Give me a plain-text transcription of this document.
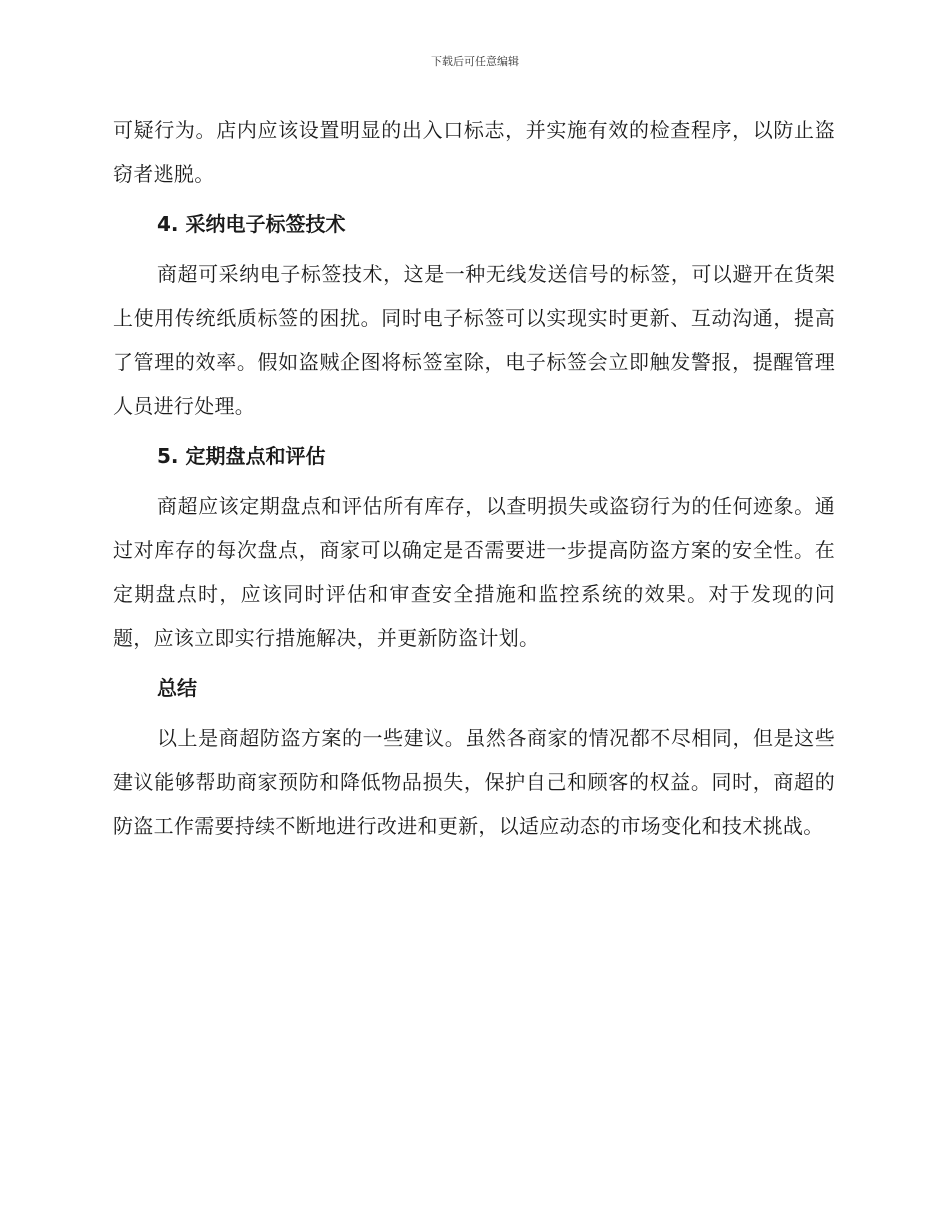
下载后可任意编辑

可疑行为。店内应该设置明显的出入口标志，并实施有效的检查程序，以防止盗窃者逃脱。

4. 采纳电子标签技术

商超可采纳电子标签技术，这是一种无线发送信号的标签，可以避开在货架上使用传统纸质标签的困扰。同时电子标签可以实现实时更新、互动沟通，提高了管理的效率。假如盗贼企图将标签室除，电子标签会立即触发警报，提醒管理人员进行处理。

5. 定期盘点和评估

商超应该定期盘点和评估所有库存，以查明损失或盗窃行为的任何迹象。通过对库存的每次盘点，商家可以确定是否需要进一步提高防盗方案的安全性。在定期盘点时，应该同时评估和审查安全措施和监控系统的效果。对于发现的问题，应该立即实行措施解决，并更新防盗计划。

总结

以上是商超防盗方案的一些建议。虽然各商家的情况都不尽相同，但是这些建议能够帮助商家预防和降低物品损失，保护自己和顾客的权益。同时，商超的防盗工作需要持续不断地进行改进和更新，以适应动态的市场变化和技术挑战。
